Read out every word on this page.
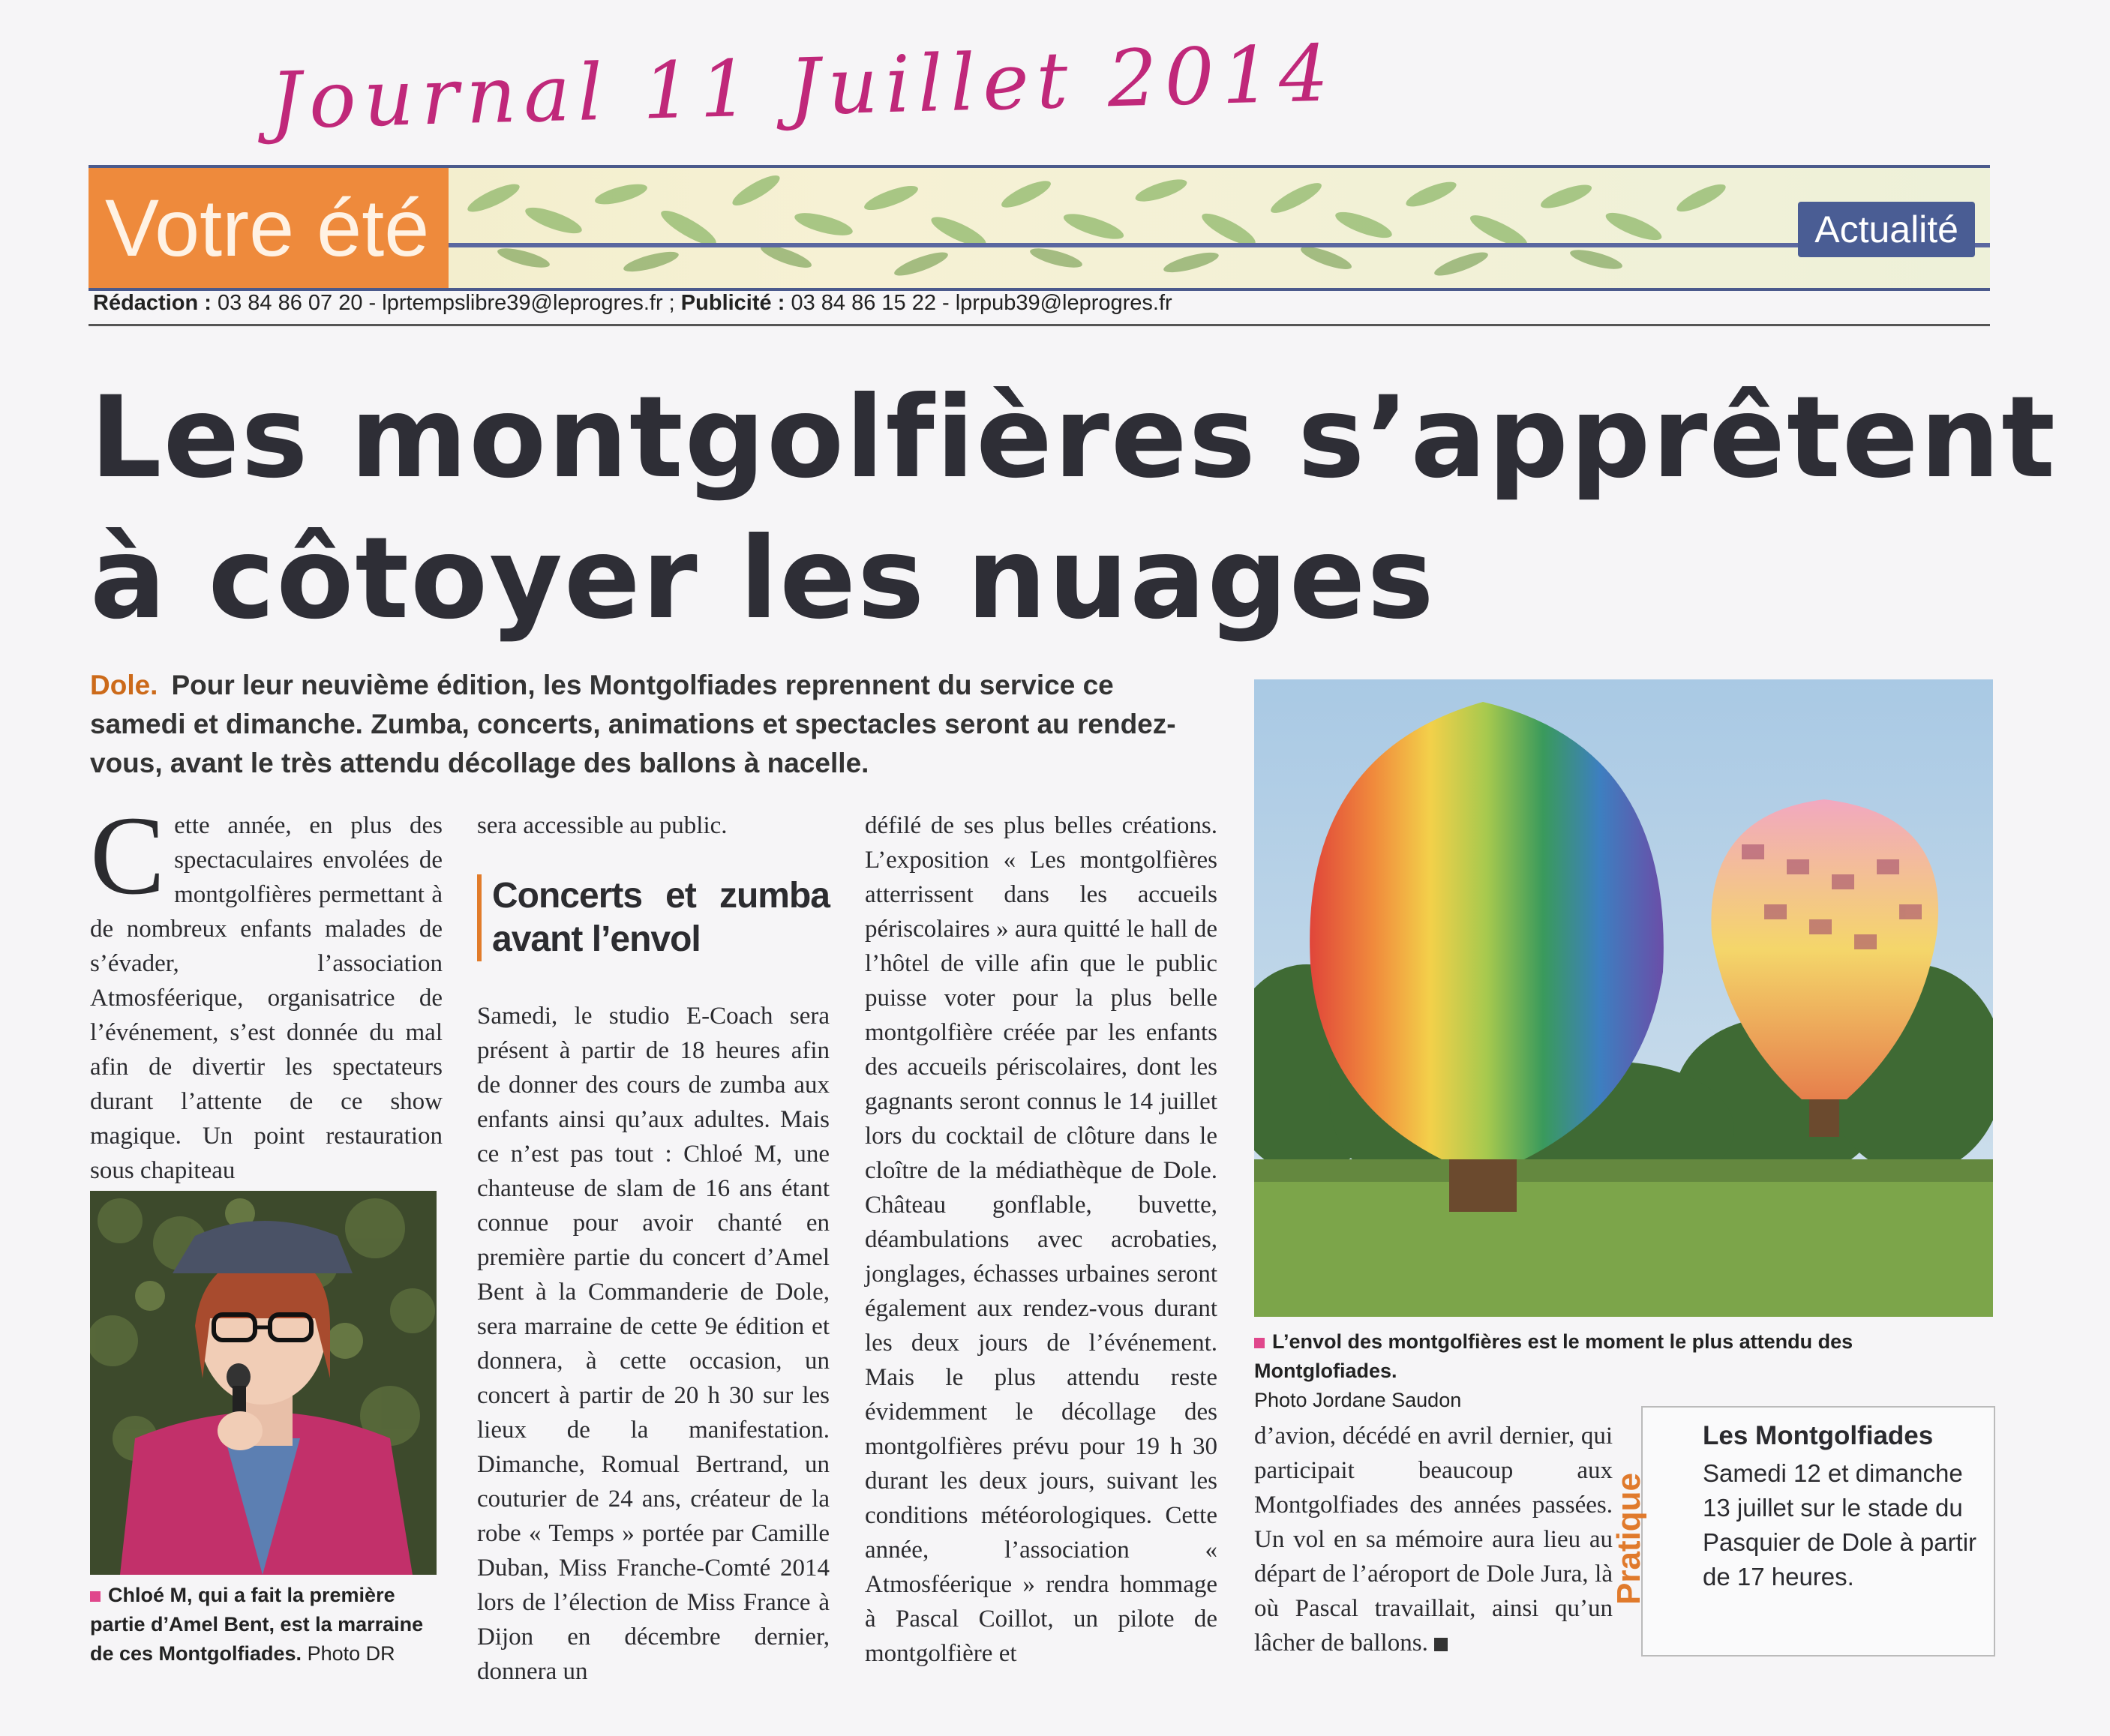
Journal 11 Juillet 2014
Votre été	Actualité
Rédaction : 03 84 86 07 20 - lprtempslibre39@leprogres.fr ; Publicité : 03 84 86 15 22 - lprpub39@leprogres.fr
Les montgolfières s’apprêtent
à côtoyer les nuages
Dole. Pour leur neuvième édition, les Montgolfiades reprennent du service ce samedi et dimanche. Zumba, concerts, animations et spectacles seront au rendez-vous, avant le très attendu décollage des ballons à nacelle.
Cette année, en plus des spectaculaires envolées de montgolfières permettant à de nombreux enfants malades de s’évader, l’association Atmosféerique, organisatrice de l’événement, s’est donnée du mal afin de divertir les spectateurs durant l’attente de ce show magique. Un point restauration sous chapiteau
Chloé M, qui a fait la première partie d’Amel Bent, est la marraine de ces Montgolfiades. Photo DR

sera accessible au public.

Concerts et zumba avant l’envol

Samedi, le studio E-Coach sera présent à partir de 18 heures afin de donner des cours de zumba aux enfants ainsi qu’aux adultes. Mais ce n’est pas tout : Chloé M, une chanteuse de slam de 16 ans étant connue pour avoir chanté en première partie du concert d’Amel Bent à la Commanderie de Dole, sera marraine de cette 9e édition et donnera, à cette occasion, un concert à partir de 20 h 30 sur les lieux de la manifestation. Dimanche, Romual Bertrand, un couturier de 24 ans, créateur de la robe « Temps » portée par Camille Duban, Miss Franche-Comté 2014 lors de l’élection de Miss France à Dijon en décembre dernier, donnera un

défilé de ses plus belles créations. L’exposition « Les montgolfières atterrissent dans les accueils périscolaires » aura quitté le hall de l’hôtel de ville afin que le public puisse voter pour la plus belle montgolfière créée par les enfants des accueils périscolaires, dont les gagnants seront connus le 14 juillet lors du cocktail de clôture dans le cloître de la médiathèque de Dole. Château gonflable, buvette, déambulations avec acrobaties, jonglages, échasses urbaines seront également aux rendez-vous durant les deux jours de l’événement. Mais le plus attendu reste évidemment le décollage des montgolfières prévu pour 19 h 30 durant les deux jours, suivant les conditions météorologiques. Cette année, l’association « Atmosféerique » rendra hommage à Pascal Coillot, un pilote de montgolfière et

L’envol des montgolfières est le moment le plus attendu des Montglofiades.
Photo Jordane Saudon
d’avion, décédé en avril dernier, qui participait beaucoup aux Montgolfiades des années passées. Un vol en sa mémoire aura lieu au départ de l’aéroport de Dole Jura, là où Pascal travaillait, ainsi qu’un lâcher de ballons.
Pratique
Les Montgolfiades
Samedi 12 et dimanche 13 juillet sur le stade du Pasquier de Dole à partir de 17 heures.
